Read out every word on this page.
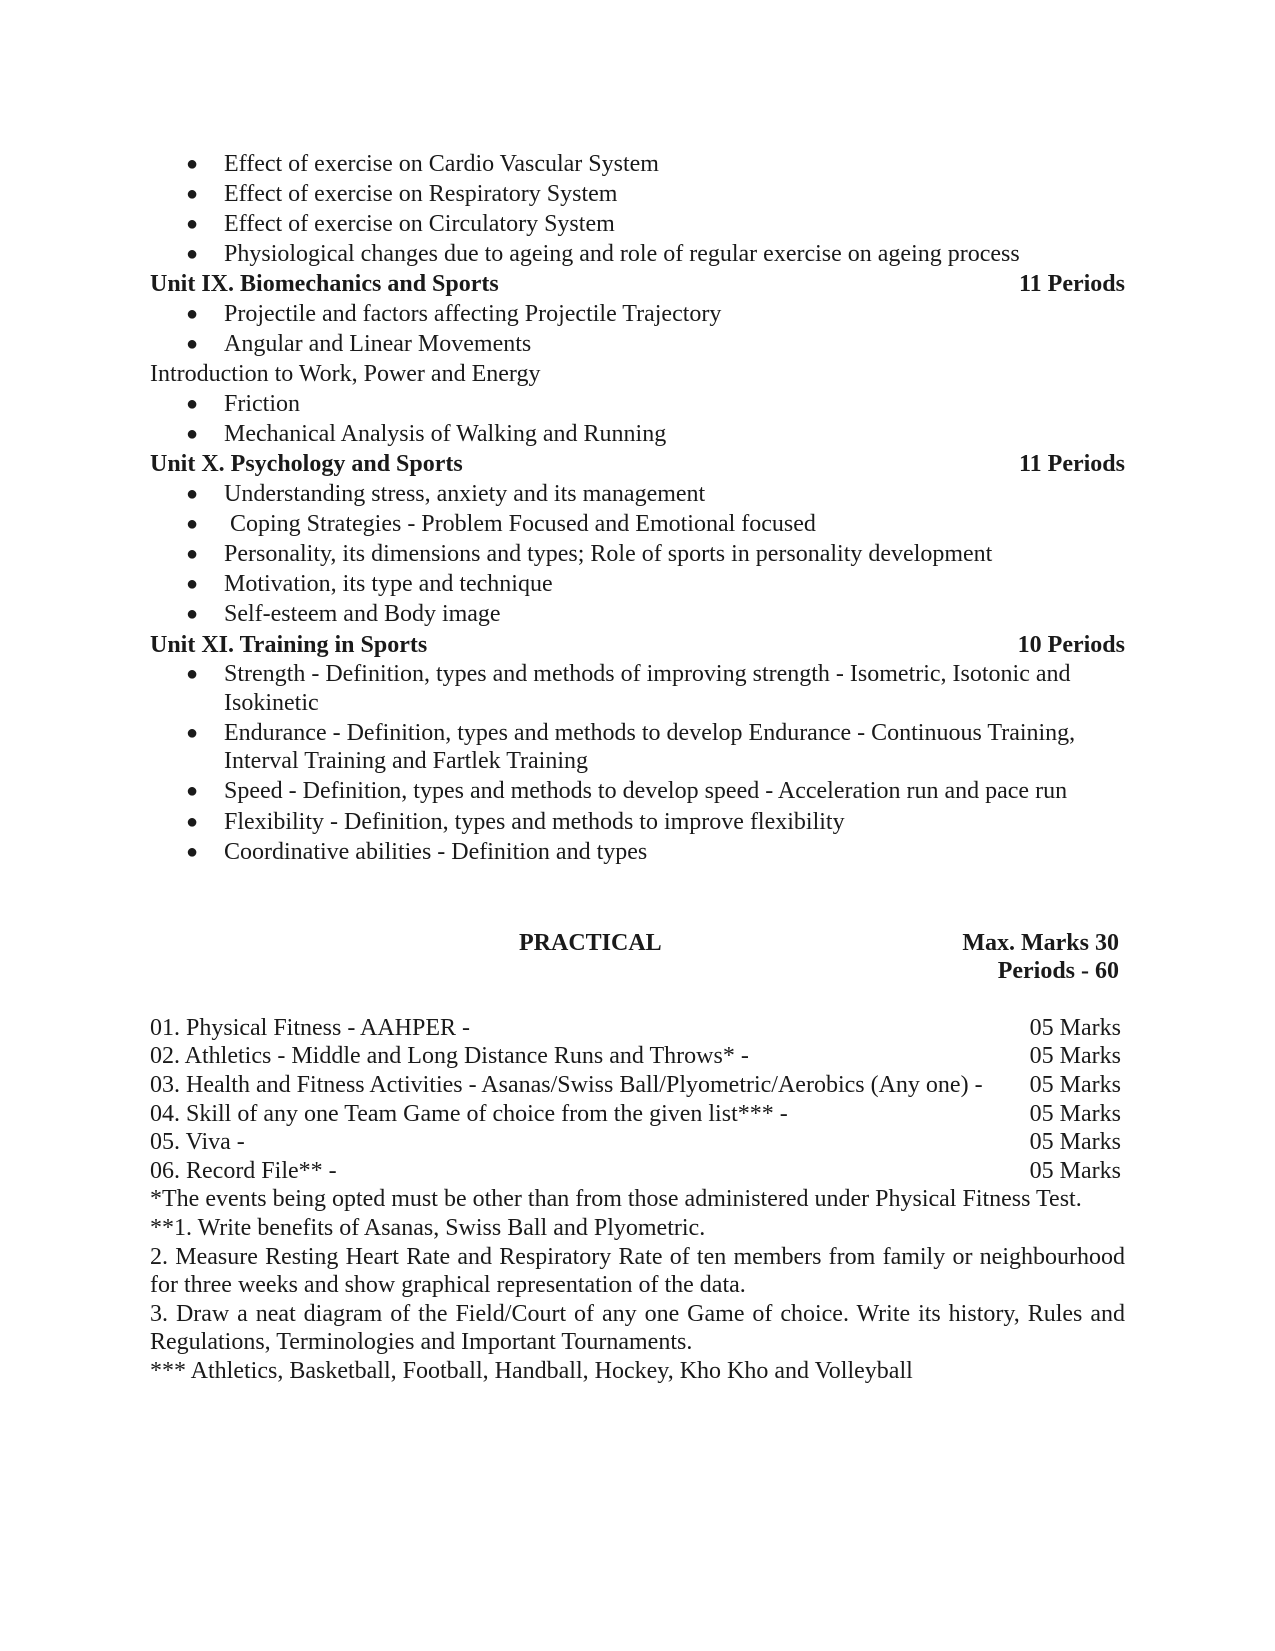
● Effect of exercise on Cardio Vascular System
● Effect of exercise on Respiratory System
● Effect of exercise on Circulatory System
● Physiological changes due to ageing and role of regular exercise on ageing process
Unit IX. Biomechanics and Sports	11 Periods
● Projectile and factors affecting Projectile Trajectory
● Angular and Linear Movements
Introduction to Work, Power and Energy
● Friction
● Mechanical Analysis of Walking and Running
Unit X. Psychology and Sports	11 Periods
● Understanding stress, anxiety and its management
● Coping Strategies - Problem Focused and Emotional focused
● Personality, its dimensions and types; Role of sports in personality development
● Motivation, its type and technique
● Self-esteem and Body image
Unit XI. Training in Sports	10 Periods
● Strength - Definition, types and methods of improving strength - Isometric, Isotonic and Isokinetic
● Endurance - Definition, types and methods to develop Endurance - Continuous Training, Interval Training and Fartlek Training
● Speed - Definition, types and methods to develop speed - Acceleration run and pace run
● Flexibility - Definition, types and methods to improve flexibility
● Coordinative abilities - Definition and types
PRACTICAL	Max. Marks 30
Periods - 60
01. Physical Fitness - AAHPER -	05 Marks
02. Athletics - Middle and Long Distance Runs and Throws* -	05 Marks
03. Health and Fitness Activities - Asanas/Swiss Ball/Plyometric/Aerobics (Any one) - 05 Marks
04. Skill of any one Team Game of choice from the given list*** -	05 Marks
05. Viva -	05 Marks
06. Record File** -	05 Marks

*The events being opted must be other than from those administered under Physical Fitness Test.

**1. Write benefits of Asanas, Swiss Ball and Plyometric.

2. Measure Resting Heart Rate and Respiratory Rate of ten members from family or neighbourhood for three weeks and show graphical representation of the data.

3. Draw a neat diagram of the Field/Court of any one Game of choice. Write its history, Rules and Regulations, Terminologies and Important Tournaments.

*** Athletics, Basketball, Football, Handball, Hockey, Kho Kho and Volleyball
